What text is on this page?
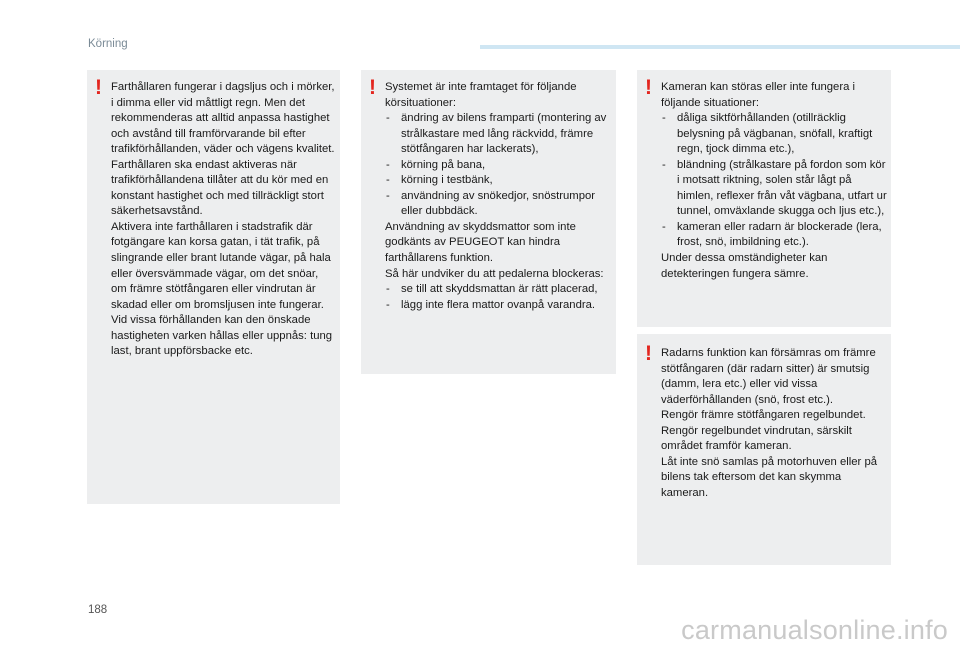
Körning
! Farthållaren fungerar i dagsljus och i mörker, i dimma eller vid måttligt regn. Men det rekommenderas att alltid anpassa hastighet och avstånd till framförvarande bil efter trafikförhållanden, väder och vägens kvalitet.

Farthållaren ska endast aktiveras när trafikförhållandena tillåter att du kör med en konstant hastighet och med tillräckligt stort säkerhetsavstånd.

Aktivera inte farthållaren i stadstrafik där fotgängare kan korsa gatan, i tät trafik, på slingrande eller brant lutande vägar, på hala eller översvämmade vägar, om det snöar, om främre stötfångaren eller vindrutan är skadad eller om bromsljusen inte fungerar.

Vid vissa förhållanden kan den önskade hastigheten varken hållas eller uppnås: tung last, brant uppförsbacke etc.

! Systemet är inte framtaget för följande körsituationer:

- ändring av bilens framparti (montering av strålkastare med lång räckvidd, främre stötfångaren har lackerats),
- körning på bana,
- körning i testbänk,
- användning av snökedjor, snöstrumpor eller dubbdäck.

Användning av skyddsmattor som inte godkänts av PEUGEOT kan hindra farthållarens funktion.

Så här undviker du att pedalerna blockeras:

- se till att skyddsmattan är rätt placerad,
- lägg inte flera mattor ovanpå varandra.
! Kameran kan störas eller inte fungera i följande situationer:

- dåliga siktförhållanden (otillräcklig belysning på vägbanan, snöfall, kraftigt regn, tjock dimma etc.),
- bländning (strålkastare på fordon som kör i motsatt riktning, solen står lågt på himlen, reflexer från våt vägbana, utfart ur tunnel, omväxlande skugga och ljus etc.),
- kameran eller radarn är blockerade (lera, frost, snö, imbildning etc.).

Under dessa omständigheter kan detekteringen fungera sämre.

! Radarns funktion kan försämras om främre stötfångaren (där radarn sitter) är smutsig (damm, lera etc.) eller vid vissa väderförhållanden (snö, frost etc.).

Rengör främre stötfångaren regelbundet.

Rengör regelbundet vindrutan, särskilt området framför kameran.

Låt inte snö samlas på motorhuven eller på bilens tak eftersom det kan skymma kameran.

188
carmanualsonline.info
